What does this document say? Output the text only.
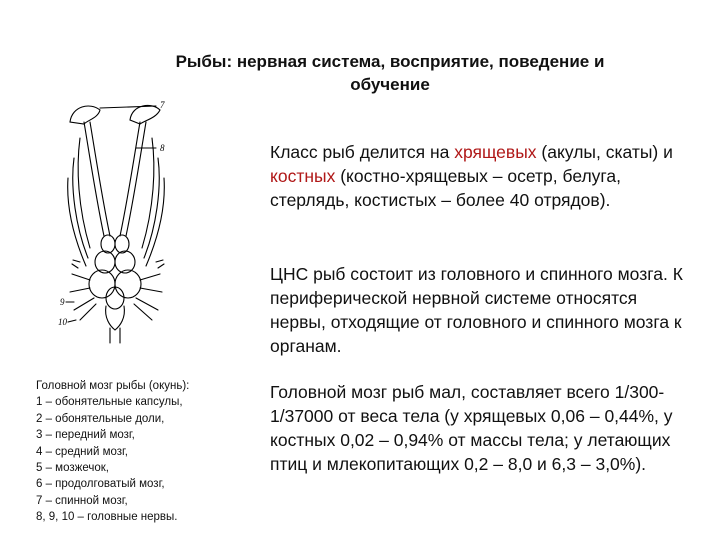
Рыбы: нервная система, восприятие, поведение и
обучение
7
8
9
10
Класс рыб делится на хрящевых (акулы, скаты) и костных (костно-хрящевых – осетр, белуга, стерлядь, костистых – более 40 отрядов).
ЦНС рыб состоит из головного и спинного мозга. К периферической нервной системе относятся нервы, отходящие от головного и спинного мозга к органам.
Головной мозг рыб мал, составляет всего 1/300-1/37000 от веса тела (у хрящевых 0,06 – 0,44%, у костных 0,02 – 0,94% от массы тела; у летающих птиц и млекопитающих 0,2 – 8,0 и 6,3 – 3,0%).
Головной мозг рыбы (окунь):
1 – обонятельные капсулы,
2 – обонятельные доли,
3 – передний мозг,
4 – средний мозг,
5 – мозжечок,
6 – продолговатый мозг,
7 – спинной мозг,
8, 9, 10 – головные нервы.
